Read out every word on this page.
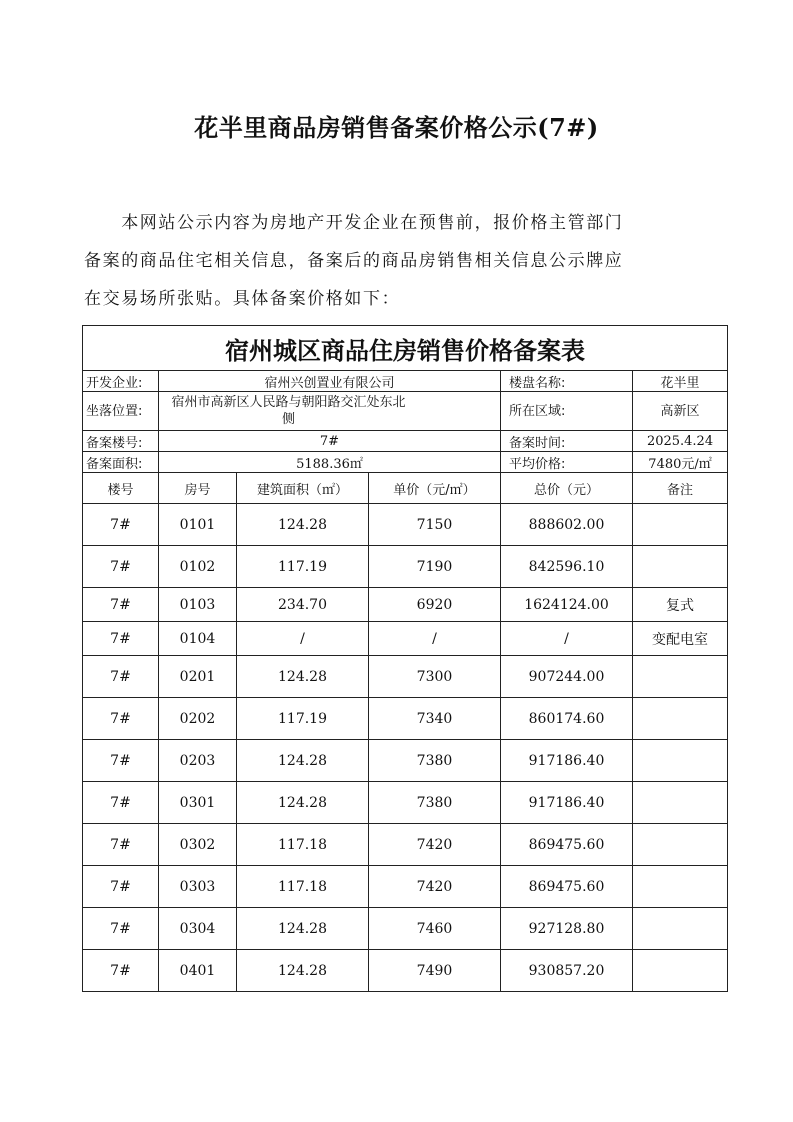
花半里商品房销售备案价格公示(7#)

　　本网站公示内容为房地产开发企业在预售前，报价格主管部门

备案的商品住宅相关信息，备案后的商品房销售相关信息公示牌应

在交易场所张贴。具体备案价格如下：

宿州城区商品住房销售价格备案表					
开发企业:	宿州兴创置业有限公司			楼盘名称:	花半里
坐落位置:	宿州市高新区人民路与朝阳路交汇处东北侧			所在区域:	高新区
备案楼号:	7#			备案时间:	2025.4.24
备案面积:	5188.36㎡			平均价格:	7480元/㎡
楼号	房号	建筑面积（㎡）	单价（元/㎡）	总价（元）	备注
7#	0101	124.28	7150	888602.00	
7#	0102	117.19	7190	842596.10	
7#	0103	234.70	6920	1624124.00	复式
7#	0104	/	/	/	变配电室
7#	0201	124.28	7300	907244.00	
7#	0202	117.19	7340	860174.60	
7#	0203	124.28	7380	917186.40	
7#	0301	124.28	7380	917186.40	
7#	0302	117.18	7420	869475.60	
7#	0303	117.18	7420	869475.60	
7#	0304	124.28	7460	927128.80	
7#	0401	124.28	7490	930857.20	
